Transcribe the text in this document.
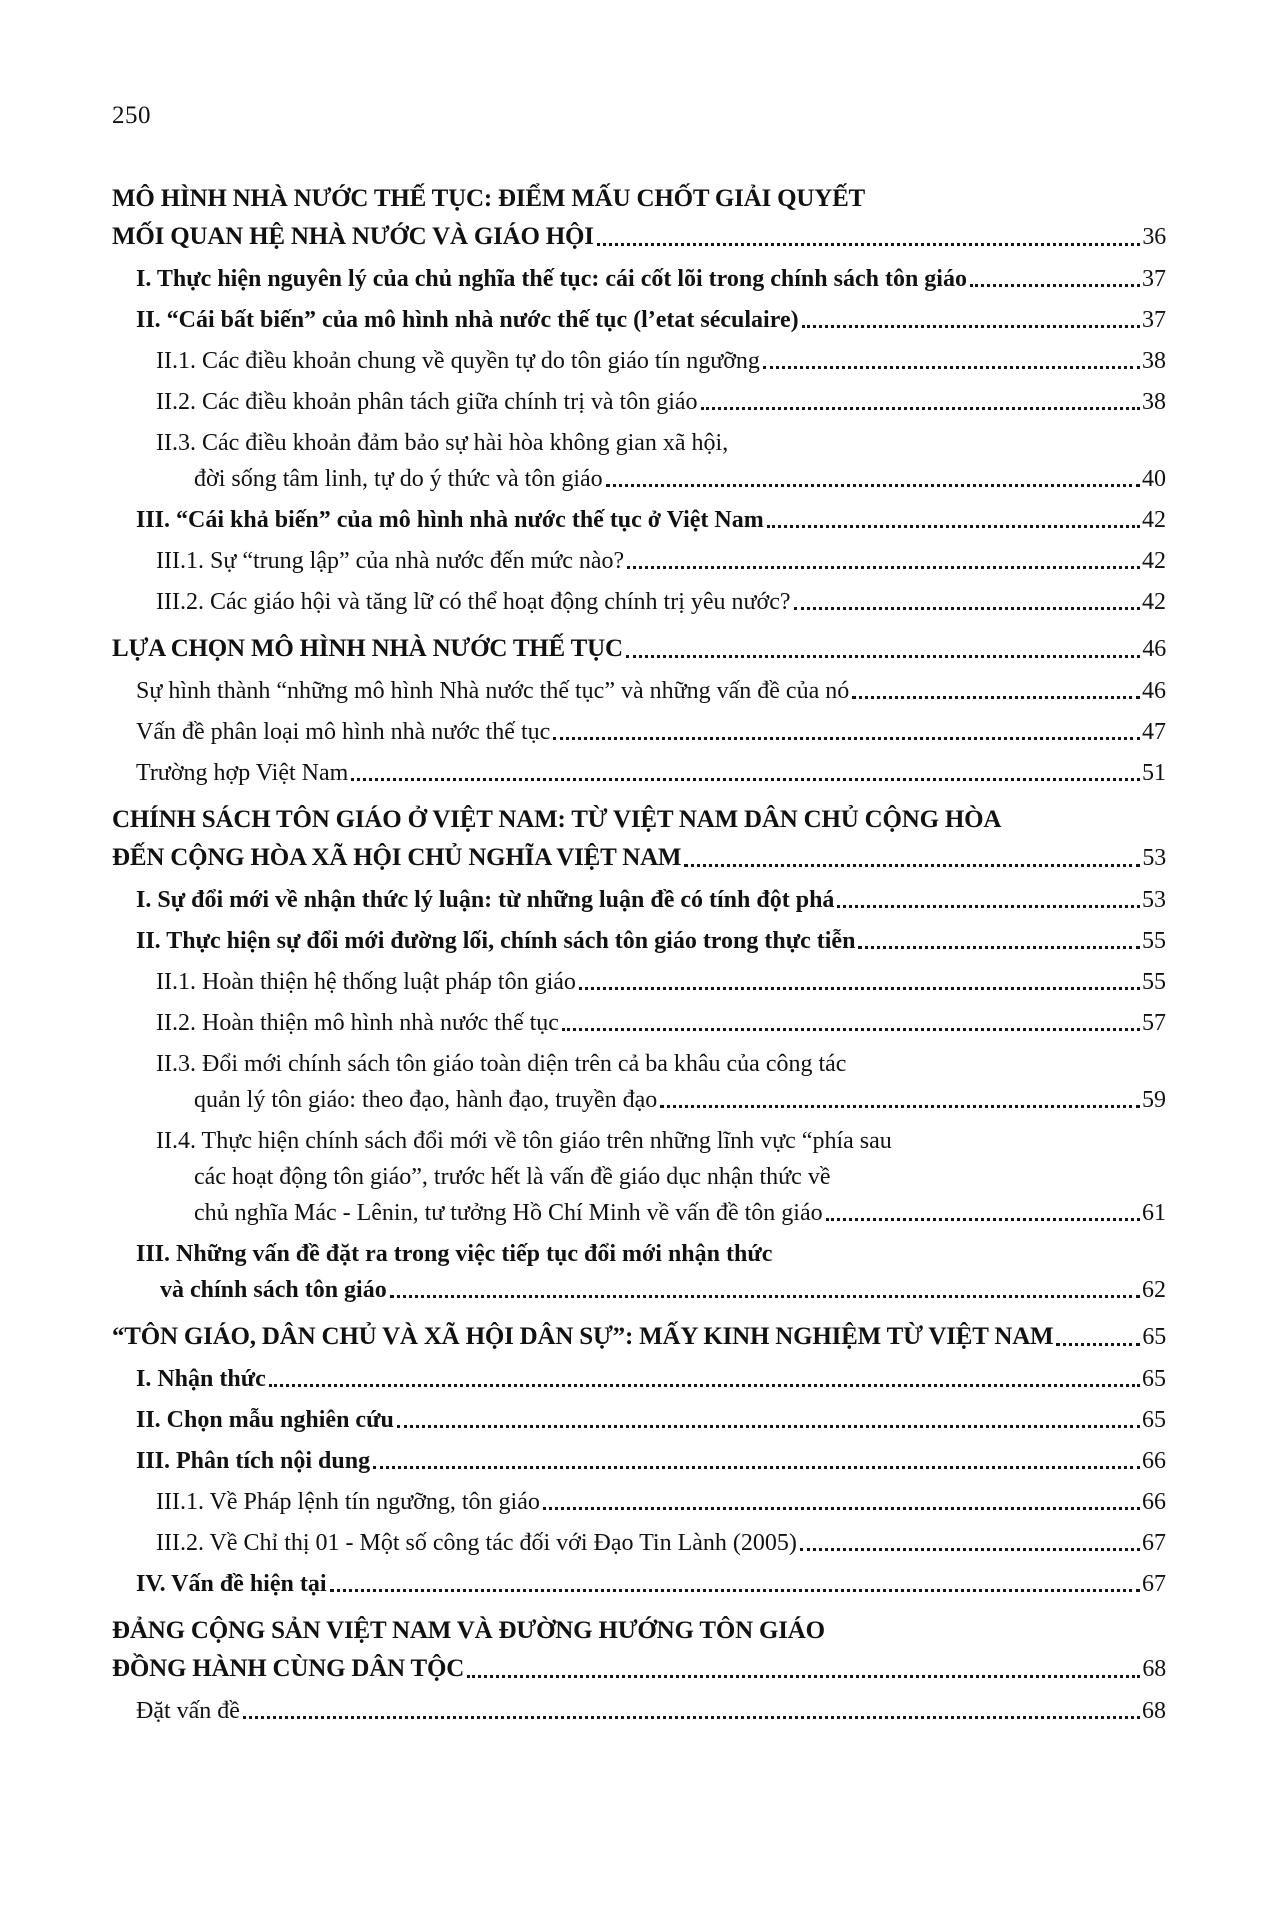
250
MÔ HÌNH NHÀ NƯỚC THẾ TỤC: ĐIỂM MẤU CHỐT GIẢI QUYẾT
MỐI QUAN HỆ NHÀ NƯỚC VÀ GIÁO HỘI	36
I. Thực hiện nguyên lý của chủ nghĩa thế tục: cái cốt lõi trong chính sách tôn giáo	37
II. “Cái bất biến” của mô hình nhà nước thế tục (l’etat séculaire)	37
II.1. Các điều khoản chung về quyền tự do tôn giáo tín ngưỡng	38
II.2. Các điều khoản phân tách giữa chính trị và tôn giáo	38
II.3. Các điều khoản đảm bảo sự hài hòa không gian xã hội,
đời sống tâm linh, tự do ý thức và tôn giáo	40
III. “Cái khả biến” của mô hình nhà nước thế tục ở Việt Nam	42
III.1. Sự “trung lập” của nhà nước đến mức nào?	42
III.2. Các giáo hội và tăng lữ có thể hoạt động chính trị yêu nước?	42
LỰA CHỌN MÔ HÌNH NHÀ NƯỚC THẾ TỤC	46
Sự hình thành “những mô hình Nhà nước thế tục” và những vấn đề của nó	46
Vấn đề phân loại mô hình nhà nước thế tục	47
Trường hợp Việt Nam	51
CHÍNH SÁCH TÔN GIÁO Ở VIỆT NAM: TỪ VIỆT NAM DÂN CHỦ CỘNG HÒA
ĐẾN CỘNG HÒA XÃ HỘI CHỦ NGHĨA VIỆT NAM	53
I. Sự đổi mới về nhận thức lý luận: từ những luận đề có tính đột phá	53
II. Thực hiện sự đổi mới đường lối, chính sách tôn giáo trong thực tiễn	55
II.1. Hoàn thiện hệ thống luật pháp tôn giáo	55
II.2. Hoàn thiện mô hình nhà nước thế tục	57
II.3. Đổi mới chính sách tôn giáo toàn diện trên cả ba khâu của công tác
quản lý tôn giáo: theo đạo, hành đạo, truyền đạo	59
II.4. Thực hiện chính sách đổi mới về tôn giáo trên những lĩnh vực “phía sau
các hoạt động tôn giáo”, trước hết là vấn đề giáo dục nhận thức về
chủ nghĩa Mác - Lênin, tư tưởng Hồ Chí Minh về vấn đề tôn giáo	61
III. Những vấn đề đặt ra trong việc tiếp tục đổi mới nhận thức
và chính sách tôn giáo	62
“TÔN GIÁO, DÂN CHỦ VÀ XÃ HỘI DÂN SỰ”: MẤY KINH NGHIỆM TỪ VIỆT NAM	65
I. Nhận thức	65
II. Chọn mẫu nghiên cứu	65
III. Phân tích nội dung	66
III.1. Về Pháp lệnh tín ngưỡng, tôn giáo	66
III.2. Về Chỉ thị 01 - Một số công tác đối với Đạo Tin Lành (2005)	67
IV. Vấn đề hiện tại	67
ĐẢNG CỘNG SẢN VIỆT NAM VÀ ĐƯỜNG HƯỚNG TÔN GIÁO
ĐỒNG HÀNH CÙNG DÂN TỘC	68
Đặt vấn đề	68
